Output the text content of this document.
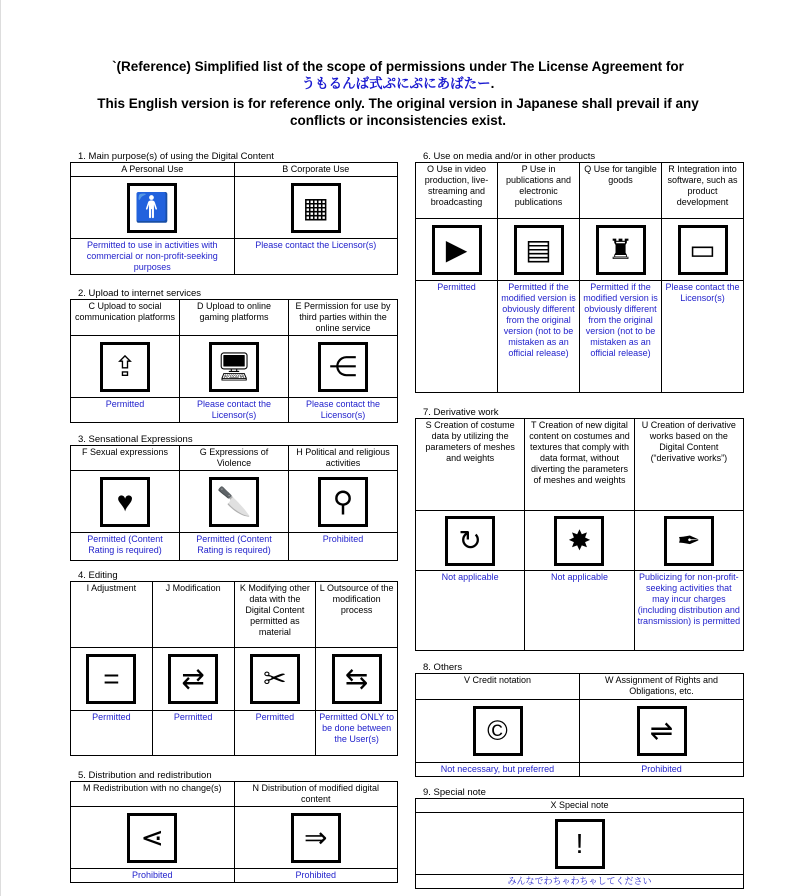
`(Reference) Simplified list of the scope of permissions under The License Agreement for
うもるんば式ぷにぷにあばたー.
This English version is for reference only. The original version in Japanese shall prevail if any conflicts or inconsistencies exist.
1. Main purpose(s) of using the Digital Content
A Personal Use	B Corporate Use

🚹	▦

Permitted to use in activities with commercial or non-profit-seeking purposes	Please contact the Licensor(s)
2. Upload to internet services
C Upload to social communication platforms	D Upload to online gaming platforms	E Permission for use by third parties within the online service

⇪	🖥	⋲

Permitted	Please contact the Licensor(s)	Please contact the Licensor(s)
3. Sensational Expressions
F Sexual expressions	G Expressions of Violence	H Political and religious activities

♥	🔪	⚲

Permitted (Content Rating is required)	Permitted (Content Rating is required)	Prohibited
4. Editing
I Adjustment	J Modification	K Modifying other data with the Digital Content permitted as material	L Outsource of the modification process

=	⇄	✂	⇆

Permitted	Permitted	Permitted	Permitted ONLY to be done between the User(s)
5. Distribution and redistribution
M Redistribution with no change(s)	N Distribution of modified digital content

⋖	⇒

Prohibited	Prohibited
6. Use on media and/or in other products
O Use in video production, live-streaming and broadcasting	P Use in publications and electronic publications	Q Use for tangible goods	R Integration into software, such as product development

▶	▤	♜	▭

Permitted	Permitted if the modified version is obviously different from the original version (not to be mistaken as an official release)	Permitted if the modified version is obviously different from the original version (not to be mistaken as an official release)	Please contact the Licensor(s)
7. Derivative work
S Creation of costume data by utilizing the parameters of meshes and weights	T Creation of new digital content on costumes and textures that comply with data format, without diverting the parameters of meshes and weights	U Creation of derivative works based on the Digital Content (“derivative works”)

↻	✸	✒

Not applicable	Not applicable	Publicizing for non-profit-seeking activities that may incur charges (including distribution and transmission) is permitted
8. Others
V Credit notation	W Assignment of Rights and Obligations, etc.

©	⇌

Not necessary, but preferred	Prohibited
9. Special note
X Special note

!

みんなでわちゃわちゃしてください
